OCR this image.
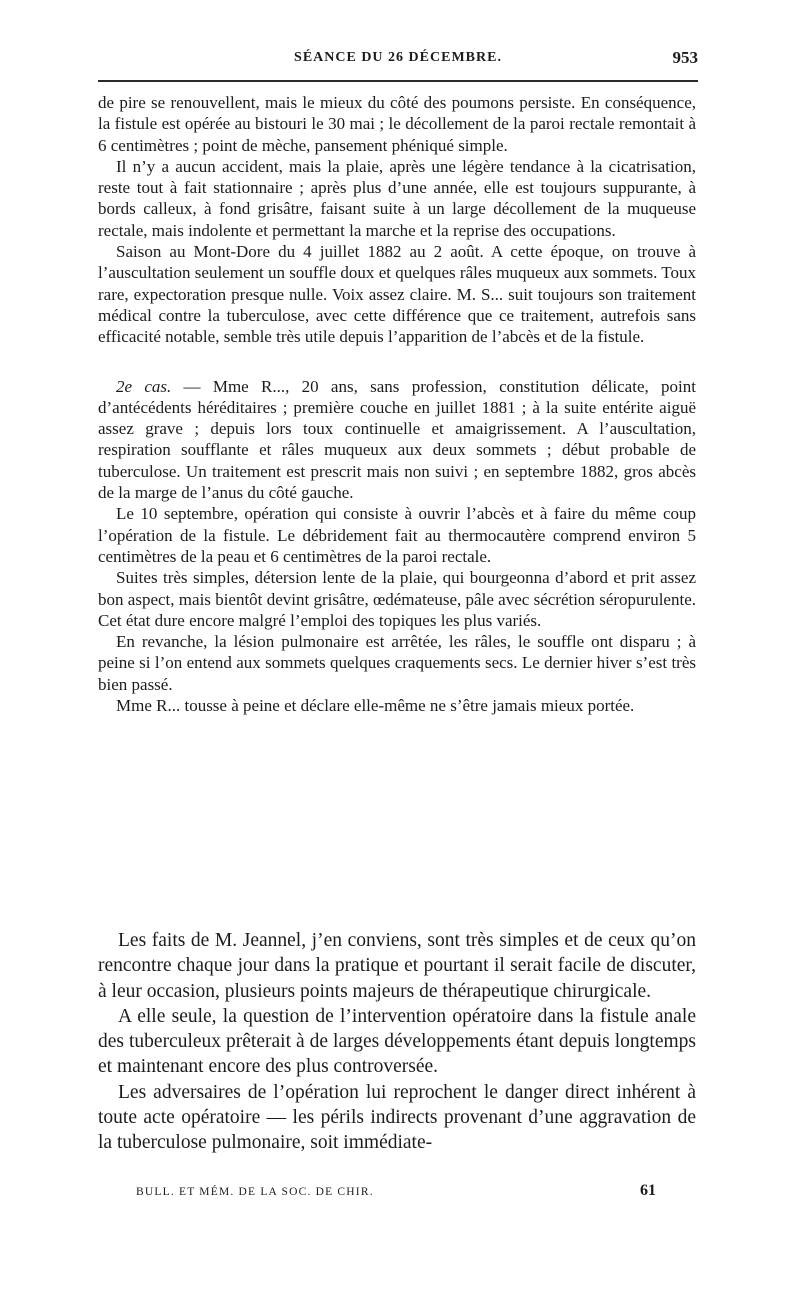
SÉANCE DU 26 DÉCEMBRE.	953

de pire se renouvellent, mais le mieux du côté des poumons persiste. En conséquence, la fistule est opérée au bistouri le 30 mai ; le décollement de la paroi rectale remontait à 6 centimètres ; point de mèche, pansement phéniqué simple.

Il n’y a aucun accident, mais la plaie, après une légère tendance à la cicatrisation, reste tout à fait stationnaire ; après plus d’une année, elle est toujours suppurante, à bords calleux, à fond grisâtre, faisant suite à un large décollement de la muqueuse rectale, mais indolente et permettant la marche et la reprise des occupations.

Saison au Mont-Dore du 4 juillet 1882 au 2 août. A cette époque, on trouve à l’auscultation seulement un souffle doux et quelques râles muqueux aux sommets. Toux rare, expectoration presque nulle. Voix assez claire. M. S... suit toujours son traitement médical contre la tuberculose, avec cette différence que ce traitement, autrefois sans efficacité notable, semble très utile depuis l’apparition de l’abcès et de la fistule.

2e cas. — Mme R..., 20 ans, sans profession, constitution délicate, point d’antécédents héréditaires ; première couche en juillet 1881 ; à la suite entérite aiguë assez grave ; depuis lors toux continuelle et amaigrissement. A l’auscultation, respiration soufflante et râles muqueux aux deux sommets ; début probable de tuberculose. Un traitement est prescrit mais non suivi ; en septembre 1882, gros abcès de la marge de l’anus du côté gauche.

Le 10 septembre, opération qui consiste à ouvrir l’abcès et à faire du même coup l’opération de la fistule. Le débridement fait au thermocautère comprend environ 5 centimètres de la peau et 6 centimètres de la paroi rectale.

Suites très simples, détersion lente de la plaie, qui bourgeonna d’abord et prit assez bon aspect, mais bientôt devint grisâtre, œdémateuse, pâle avec sécrétion séropurulente. Cet état dure encore malgré l’emploi des topiques les plus variés.

En revanche, la lésion pulmonaire est arrêtée, les râles, le souffle ont disparu ; à peine si l’on entend aux sommets quelques craquements secs. Le dernier hiver s’est très bien passé.

Mme R... tousse à peine et déclare elle-même ne s’être jamais mieux portée.

Les faits de M. Jeannel, j’en conviens, sont très simples et de ceux qu’on rencontre chaque jour dans la pratique et pourtant il serait facile de discuter, à leur occasion, plusieurs points majeurs de thérapeutique chirurgicale.

A elle seule, la question de l’intervention opératoire dans la fistule anale des tuberculeux prêterait à de larges développements étant depuis longtemps et maintenant encore des plus controversée.

Les adversaires de l’opération lui reprochent le danger direct inhérent à toute acte opératoire — les périls indirects provenant d’une aggravation de la tuberculose pulmonaire, soit immédiate-

BULL. ET MÉM. DE LA SOC. DE CHIR.	61
